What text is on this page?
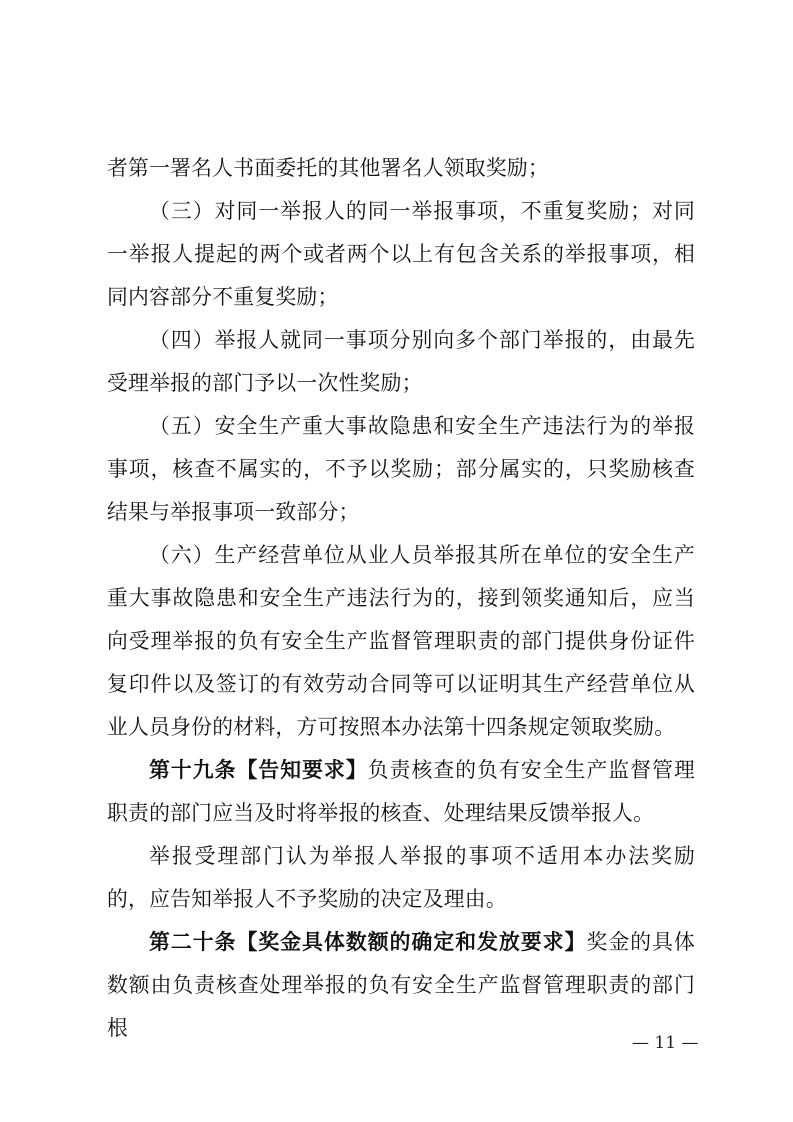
者第一署名人书面委托的其他署名人领取奖励；

（三）对同一举报人的同一举报事项，不重复奖励；对同一举报人提起的两个或者两个以上有包含关系的举报事项，相同内容部分不重复奖励；

（四）举报人就同一事项分别向多个部门举报的，由最先受理举报的部门予以一次性奖励；

（五）安全生产重大事故隐患和安全生产违法行为的举报事项，核查不属实的，不予以奖励；部分属实的，只奖励核查结果与举报事项一致部分；

（六）生产经营单位从业人员举报其所在单位的安全生产重大事故隐患和安全生产违法行为的，接到领奖通知后，应当向受理举报的负有安全生产监督管理职责的部门提供身份证件复印件以及签订的有效劳动合同等可以证明其生产经营单位从业人员身份的材料，方可按照本办法第十四条规定领取奖励。

第十九条【告知要求】负责核查的负有安全生产监督管理职责的部门应当及时将举报的核查、处理结果反馈举报人。

举报受理部门认为举报人举报的事项不适用本办法奖励的，应告知举报人不予奖励的决定及理由。

第二十条【奖金具体数额的确定和发放要求】奖金的具体数额由负责核查处理举报的负有安全生产监督管理职责的部门根

— 11 —
